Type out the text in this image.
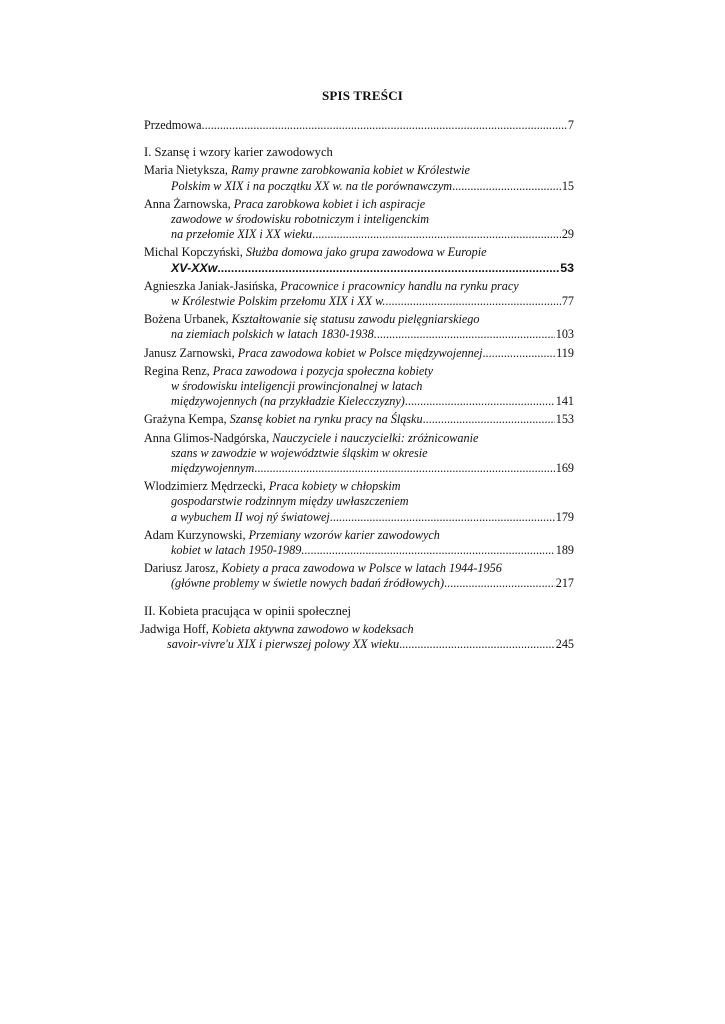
SPIS TREŚCI
Przedmowa .....	7
I. Szansę i wzory karier zawodowych
Maria Nietyksza, Ramy prawne zarobkowania kobiet w Królestwie
Polskim w XIX i na początku XX w. na tle porównawczym .....	15
Anna Żarnowska, Praca zarobkowa kobiet i ich aspiracje
zawodowe w środowisku robotniczym i inteligenckim
na przełomie XIX i XX wieku .....	29
Michal Kopczyński, Służba domowa jako grupa zawodowa w Europie
XV-XXw .....	53
Agnieszka Janiak-Jasińska, Pracownice i pracownicy handlu na rynku pracy
w Królestwie Polskim przełomu XIX i XX w. .....	77
Bożena Urbanek, Kształtowanie się statusu zawodu pielęgniarskiego
na ziemiach polskich w latach 1830-1938. .....	103
Janusz Zarnowski, Praca zawodowa kobiet w Polsce międzywojennej .....	119
Regina Renz, Praca zawodowa i pozycja społeczna kobiety
w środowisku inteligencji prowincjonalnej w latach
międzywojennych (na przykładzie Kielecczyzny) .....	141
Grażyna Kempa, Szansę kobiet na rynku pracy na Śląsku .....	153
Anna Glimos-Nadgórska, Nauczyciele i nauczycielki: zróżnicowanie
szans w zawodzie w województwie śląskim w okresie
międzywojennym .....	169
Wlodzimierz Mędrzecki, Praca kobiety w chłopskim
gospodarstwie rodzinnym między uwłaszczeniem
a wybuchem II woj ný światowej .....	179
Adam Kurzynowski, Przemiany wzorów karier zawodowych
kobiet w latach 1950-1989. .....	189
Dariusz Jarosz, Kobiety a praca zawodowa w Polsce w latach 1944-1956
(główne problemy w świetle nowych badań źródłowych) .....	217
II. Kobieta pracująca w opinii społecznej
Jadwiga Hoff, Kobieta aktywna zawodowo w kodeksach
savoir-vivre'u XIX i pierwszej polowy XX wieku .....	245
